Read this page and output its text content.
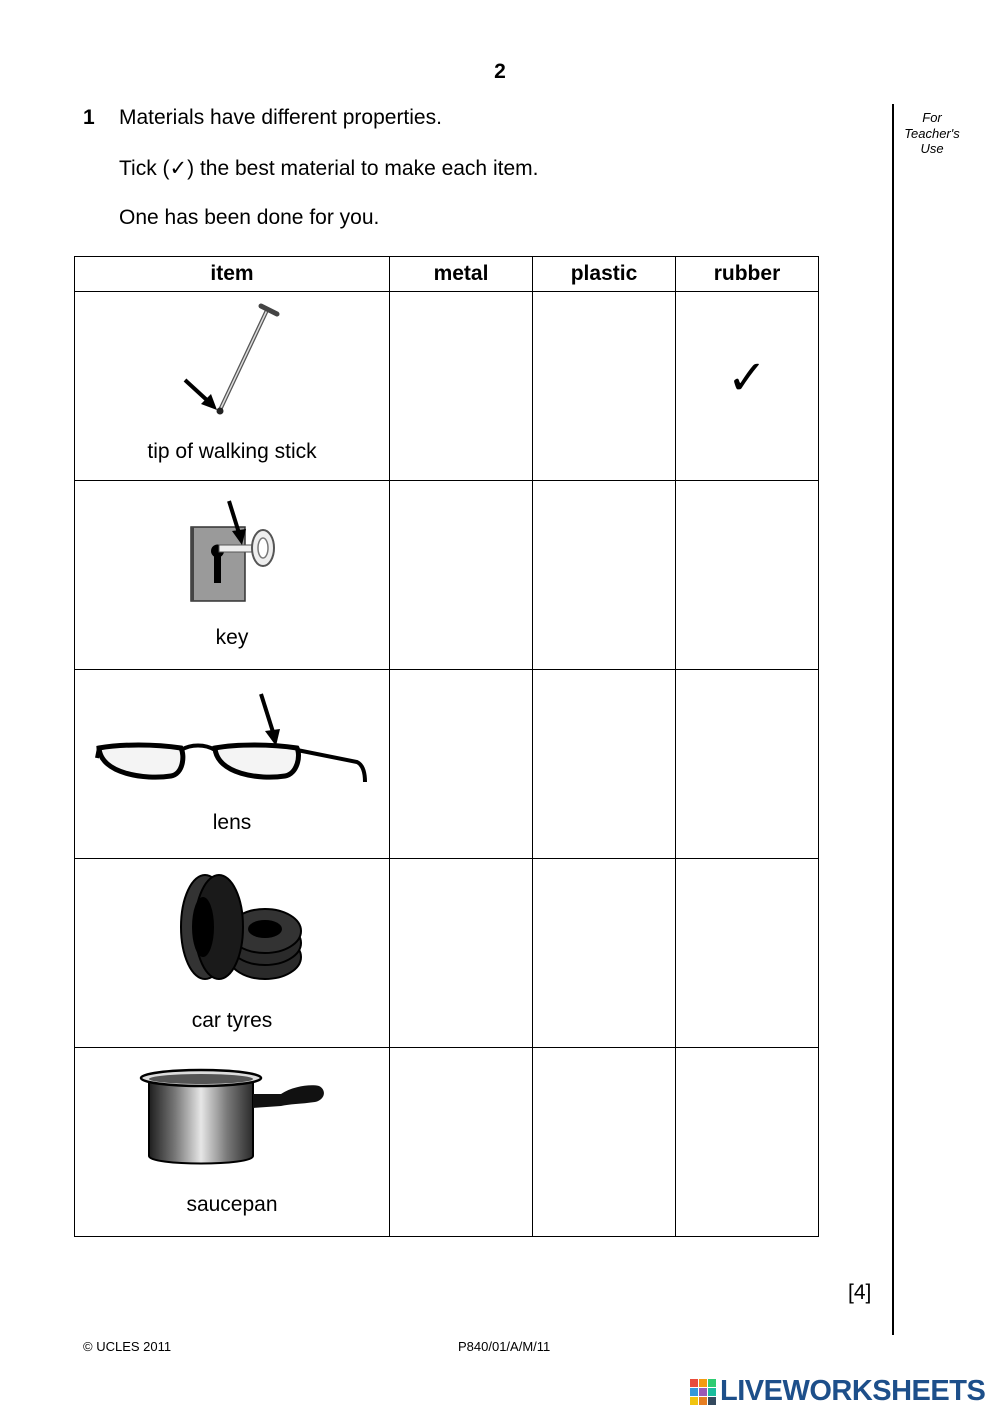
2
1 Materials have different properties.
Tick (✓) the best material to make each item.
One has been done for you.
For
Teacher's
Use
item	metal	plastic	rubber

tip of walking stick			✓

key			

lens			

car tyres			

saucepan			

[4]
© UCLES 2011	P840/01/A/M/11
LIVEWORKSHEETS
